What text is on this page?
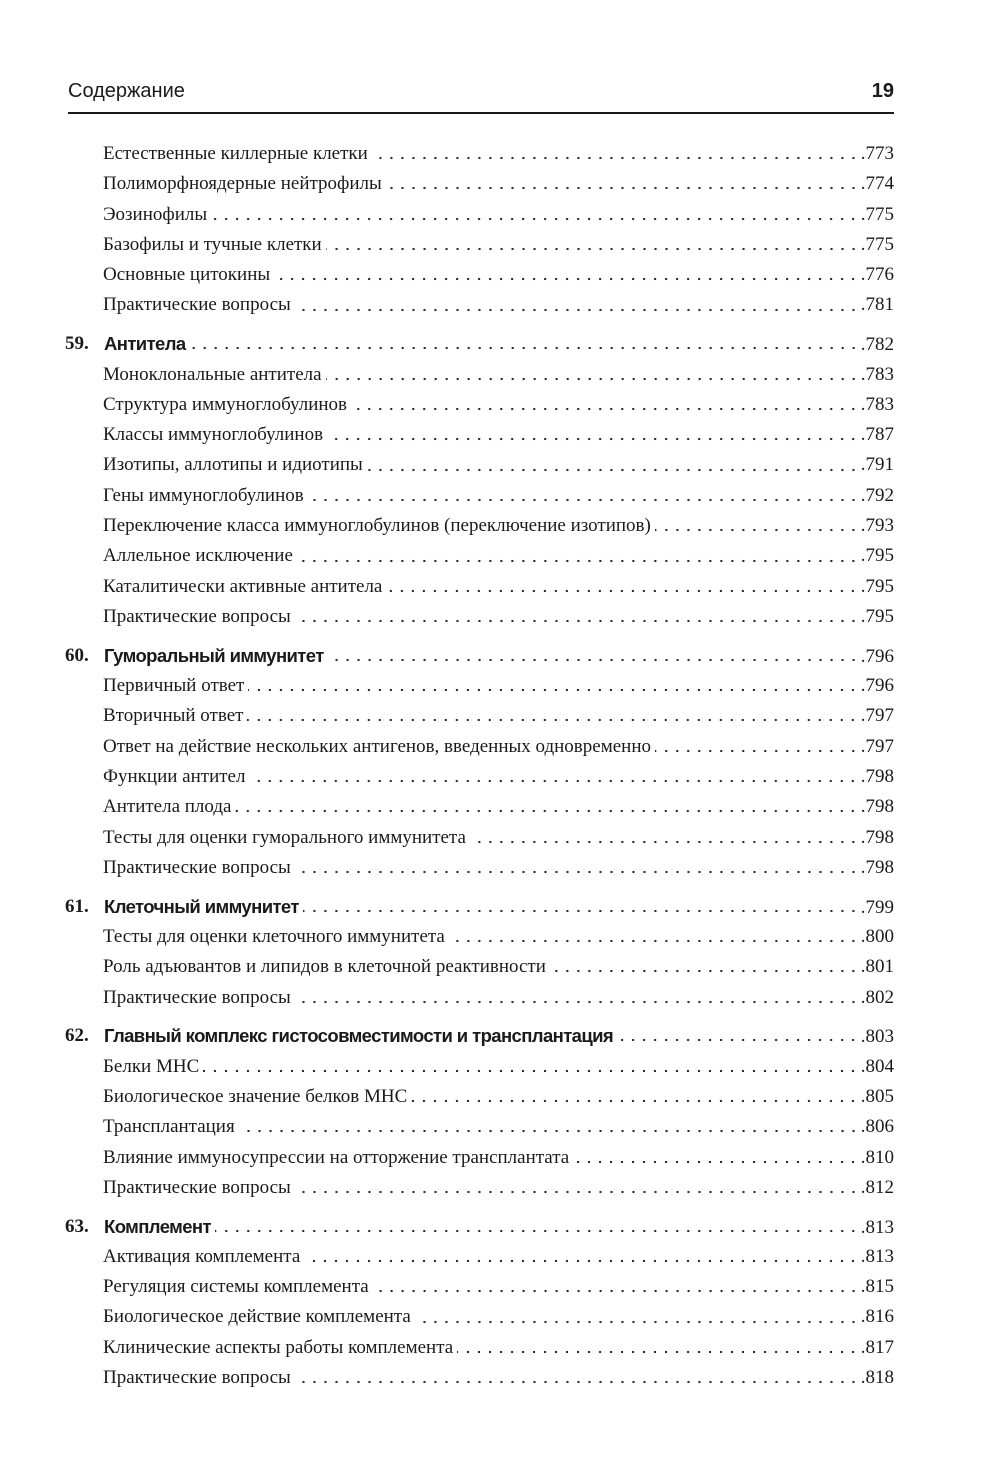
Содержание	19
Естественные киллерные клетки	.773
Полиморфноядерные нейтрофилы	.774
Эозинофилы	.775
Базофилы и тучные клетки	.775
Основные цитокины	.776
Практические вопросы	.781
59. Антитела	.782
Моноклональные антитела	.783
Структура иммуноглобулинов	.783
Классы иммуноглобулинов	.787
Изотипы, аллотипы и идиотипы	.791
Гены иммуноглобулинов	.792
Переключение класса иммуноглобулинов (переключение изотипов)	.793
Аллельное исключение	.795
Каталитически активные антитела	.795
Практические вопросы	.795
60. Гуморальный иммунитет	.796
Первичный ответ	.796
Вторичный ответ	.797
Ответ на действие нескольких антигенов, введенных одновременно	.797
Функции антител	.798
Антитела плода	.798
Тесты для оценки гуморального иммунитета	.798
Практические вопросы	.798
61. Клеточный иммунитет	.799
Тесты для оценки клеточного иммунитета	.800
Роль адъювантов и липидов в клеточной реактивности	.801
Практические вопросы	.802
62. Главный комплекс гистосовместимости и трансплантация	.803
Белки МНС	.804
Биологическое значение белков МНС	.805
Трансплантация	.806
Влияние иммуносупрессии на отторжение трансплантата	.810
Практические вопросы	.812
63. Комплемент	.813
Активация комплемента	.813
Регуляция системы комплемента	.815
Биологическое действие комплемента	.816
Клинические аспекты работы комплемента	.817
Практические вопросы	.818
